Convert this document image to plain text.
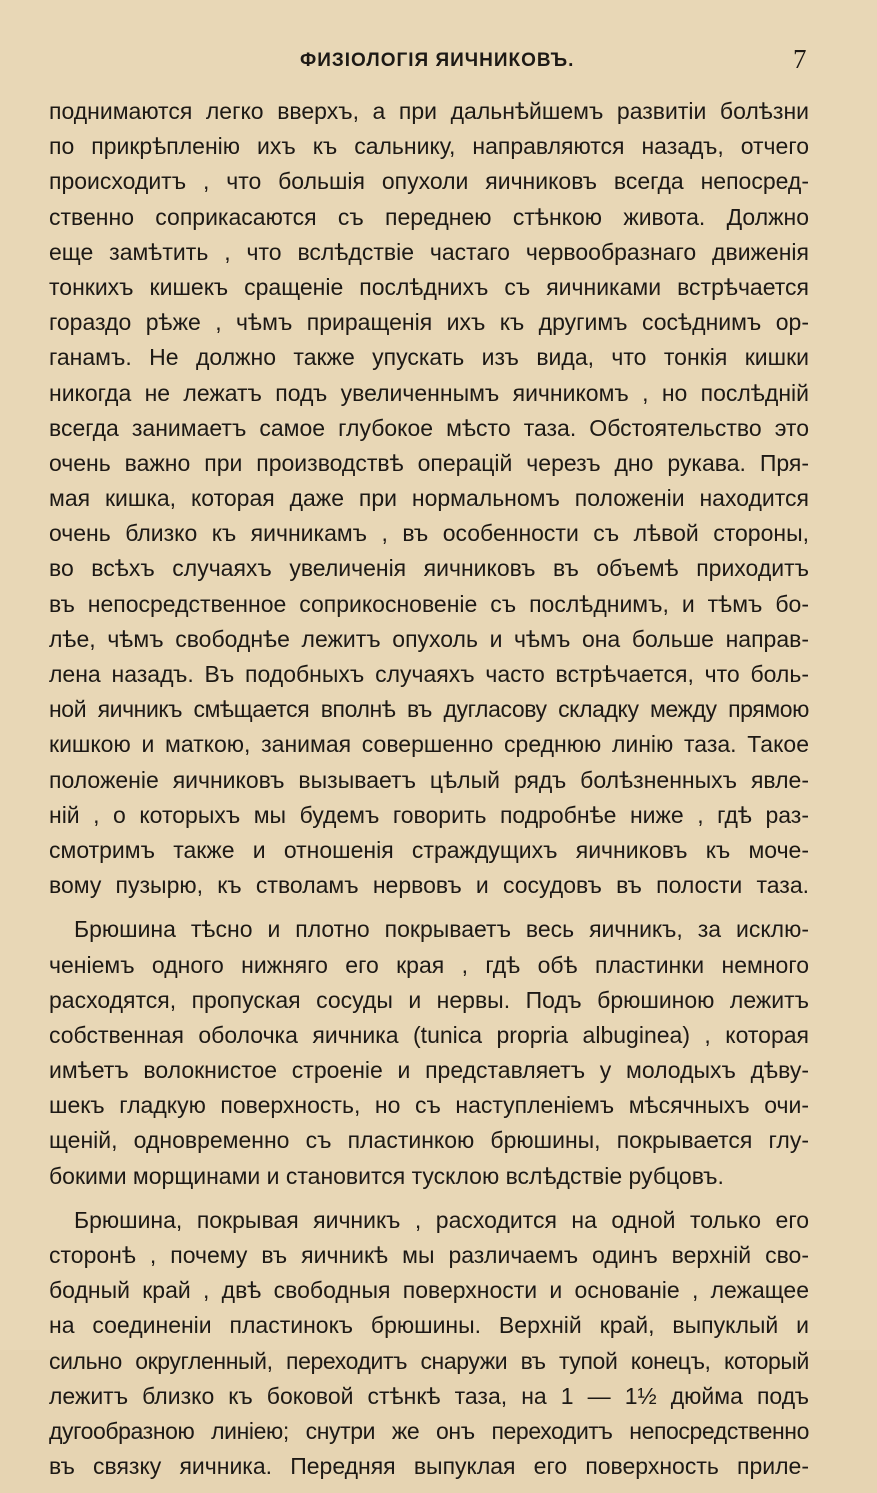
ФИЗІОЛОГІЯ ЯИЧНИКОВЪ.	7
поднимаются легко вверхъ, а при дальнѣйшемъ развитіи болѣзни
по прикрѣпленію ихъ къ сальнику, направляются назадъ, отчего
происходитъ , что большія опухоли яичниковъ всегда непосред-
ственно соприкасаются съ переднею стѣнкою живота. Должно
еще замѣтить , что вслѣдствіе частаго червообразнаго движенія
тонкихъ кишекъ сращеніе послѣднихъ съ яичниками встрѣчается
гораздо рѣже , чѣмъ приращенія ихъ къ другимъ сосѣднимъ ор-
ганамъ. Не должно также упускать изъ вида, что тонкія кишки
никогда не лежатъ подъ увеличеннымъ яичникомъ , но послѣдній
всегда занимаетъ самое глубокое мѣсто таза. Обстоятельство это
очень важно при производствѣ операцій черезъ дно рукава. Пря-
мая кишка, которая даже при нормальномъ положеніи находится
очень близко къ яичникамъ , въ особенности съ лѣвой стороны,
во всѣхъ случаяхъ увеличенія яичниковъ въ объемѣ приходитъ
въ непосредственное соприкосновеніе съ послѣднимъ, и тѣмъ бо-
лѣе, чѣмъ свободнѣе лежитъ опухоль и чѣмъ она больше направ-
лена назадъ. Въ подобныхъ случаяхъ часто встрѣчается, что боль-
ной яичникъ смѣщается вполнѣ въ дугласову складку между прямою
кишкою и маткою, занимая совершенно среднюю линію таза. Такое
положеніе яичниковъ вызываетъ цѣлый рядъ болѣзненныхъ явле-
ній , о которыхъ мы будемъ говорить подробнѣе ниже , гдѣ раз-
смотримъ также и отношенія страждущихъ яичниковъ къ моче-
вому пузырю, къ стволамъ нервовъ и сосудовъ въ полости таза.
Брюшина тѣсно и плотно покрываетъ весь яичникъ, за исклю-
ченіемъ одного нижняго его края , гдѣ обѣ пластинки немного
расходятся, пропуская сосуды и нервы. Подъ брюшиною лежитъ
собственная оболочка яичника (tunica propria albuginea) , которая
имѣетъ волокнистое строеніе и представляетъ у молодыхъ дѣву-
шекъ гладкую поверхность, но съ наступленіемъ мѣсячныхъ очи-
щеній, одновременно съ пластинкою брюшины, покрывается глу-
бокими морщинами и становится тусклою вслѣдствіе рубцовъ.
Брюшина, покрывая яичникъ , расходится на одной только его
сторонѣ , почему въ яичникѣ мы различаемъ одинъ верхній сво-
бодный край , двѣ свободныя поверхности и основаніе , лежащее
на соединеніи пластинокъ брюшины. Верхній край, выпуклый и
сильно округленный, переходитъ снаружи въ тупой конецъ, который
лежитъ близко къ боковой стѣнкѣ таза, на 1 — 1½ дюйма подъ
дугообразною линіею; снутри же онъ переходитъ непосредственно
въ связку яичника. Передняя выпуклая его поверхность прилe-
